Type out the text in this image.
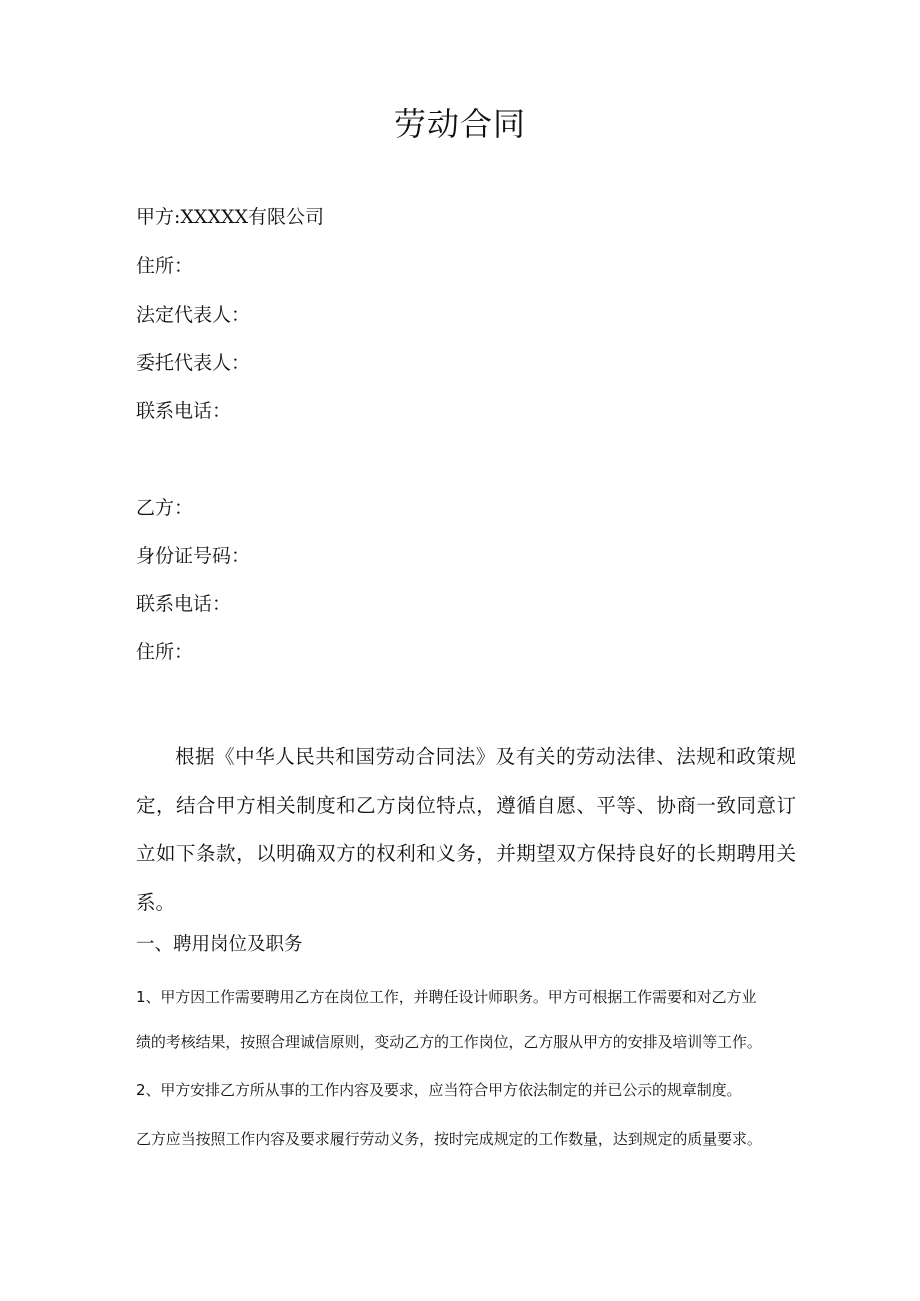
劳动合同
甲方:XXXXX有限公司
住所：
法定代表人：
委托代表人：
联系电话：
乙方：
身份证号码：
联系电话：
住所：
根据《中华人民共和国劳动合同法》及有关的劳动法律、法规和政策规定，结合甲方相关制度和乙方岗位特点，遵循自愿、平等、协商一致同意订立如下条款，以明确双方的权利和义务，并期望双方保持良好的长期聘用关系。
一、聘用岗位及职务
1、甲方因工作需要聘用乙方在岗位工作，并聘任设计师职务。甲方可根据工作需要和对乙方业
绩的考核结果，按照合理诚信原则，变动乙方的工作岗位，乙方服从甲方的安排及培训等工作。
2、甲方安排乙方所从事的工作内容及要求，应当符合甲方依法制定的并已公示的规章制度。
乙方应当按照工作内容及要求履行劳动义务，按时完成规定的工作数量，达到规定的质量要求。
